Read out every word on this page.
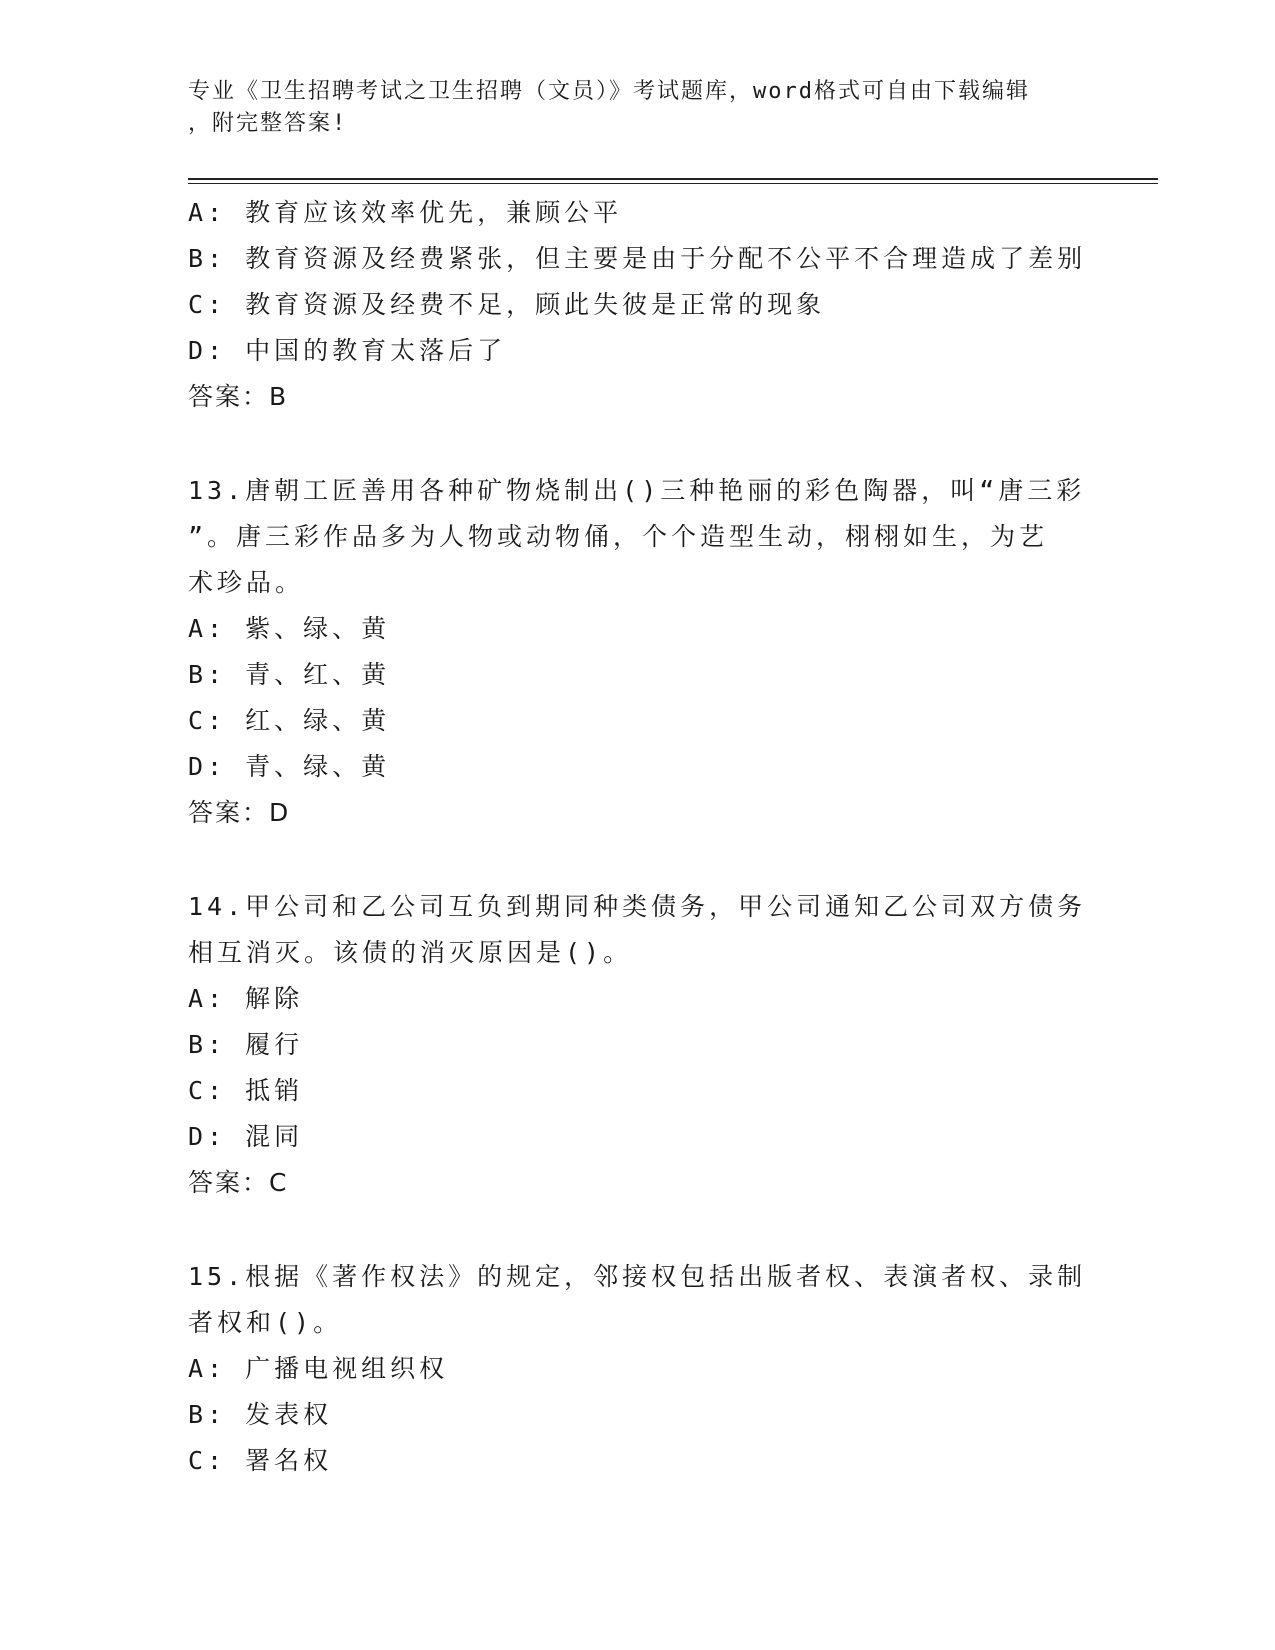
专业《卫生招聘考试之卫生招聘（文员）》考试题库，word格式可自由下载编辑
，附完整答案!
A: 教育应该效率优先，兼顾公平
B: 教育资源及经费紧张，但主要是由于分配不公平不合理造成了差别
C: 教育资源及经费不足，顾此失彼是正常的现象
D: 中国的教育太落后了
答案：B
13.唐朝工匠善用各种矿物烧制出()三种艳丽的彩色陶器，叫“唐三彩
”。唐三彩作品多为人物或动物俑，个个造型生动，栩栩如生，为艺
术珍品。
A: 紫、绿、黄
B: 青、红、黄
C: 红、绿、黄
D: 青、绿、黄
答案：D
14.甲公司和乙公司互负到期同种类债务，甲公司通知乙公司双方债务
相互消灭。该债的消灭原因是()。
A: 解除
B: 履行
C: 抵销
D: 混同
答案：C
15.根据《著作权法》的规定，邻接权包括出版者权、表演者权、录制
者权和()。
A: 广播电视组织权
B: 发表权
C: 署名权
